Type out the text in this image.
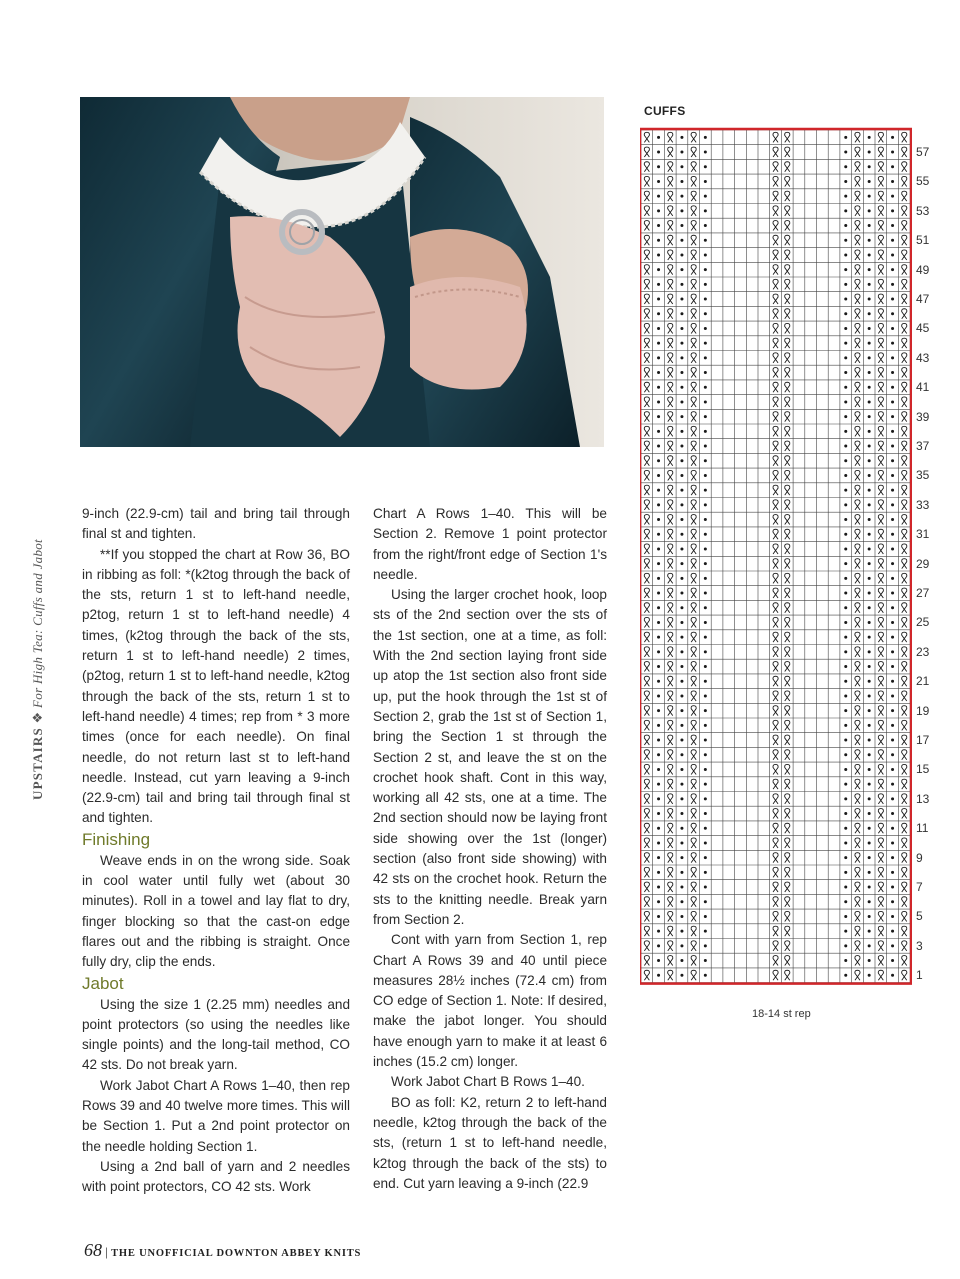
UPSTAIRS ❖ For High Tea: Cuffs and Jabot

9-inch (22.9-cm) tail and bring tail through final st and tighten.

**If you stopped the chart at Row 36, BO in ribbing as foll: *(k2tog through the back of the sts, return 1 st to left-hand needle, p2tog, return 1 st to left-hand needle) 4 times, (k2tog through the back of the sts, return 1 st to left-hand needle) 2 times, (p2tog, return 1 st to left-hand needle, k2tog through the back of the sts, return 1 st to left-hand needle) 4 times; rep from * 3 more times (once for each needle). On final needle, do not return last st to left-hand needle. Instead, cut yarn leaving a 9-inch (22.9-cm) tail and bring tail through final st and tighten.

Finishing

Weave ends in on the wrong side. Soak in cool water until fully wet (about 30 minutes). Roll in a towel and lay flat to dry, finger blocking so that the cast-on edge flares out and the ribbing is straight. Once fully dry, clip the ends.

Jabot

Using the size 1 (2.25 mm) needles and point protectors (so using the needles like single points) and the long-tail method, CO 42 sts. Do not break yarn.

Work Jabot Chart A Rows 1–40, then rep Rows 39 and 40 twelve more times. This will be Section 1. Put a 2nd point protector on the needle holding Section 1.

Using a 2nd ball of yarn and 2 needles with point protectors, CO 42 sts. Work

Chart A Rows 1–40. This will be Section 2. Remove 1 point protector from the right/front edge of Section 1's needle.

Using the larger crochet hook, loop sts of the 2nd section over the sts of the 1st section, one at a time, as foll: With the 2nd section laying front side up atop the 1st section also front side up, put the hook through the 1st st of Section 2, grab the 1st st of Section 1, bring the Section 1 st through the Section 2 st, and leave the st on the crochet hook shaft. Cont in this way, working all 42 sts, one at a time. The 2nd section should now be laying front side showing over the 1st (longer) section (also front side showing) with 42 sts on the crochet hook. Return the sts to the knitting needle. Break yarn from Section 2.

Cont with yarn from Section 1, rep Chart A Rows 39 and 40 until piece measures 28½ inches (72.4 cm) from CO edge of Section 1. Note: If desired, make the jabot longer. You should have enough yarn to make it at least 6 inches (15.2 cm) longer.

Work Jabot Chart B Rows 1–40.

BO as foll: K2, return 2 to left-hand needle, k2tog through the back of the sts, (return 1 st to left-hand needle, k2tog through the back of the sts) to end. Cut yarn leaving a 9-inch (22.9

CUFFS
57
55
53
51
49
47
45
43
41
39
37
35
33
31
29
27
25
23
21
19
17
15
13
11
9
7
5
3
1
18-14 st rep
68 | THE UNOFFICIAL DOWNTON ABBEY KNITS
